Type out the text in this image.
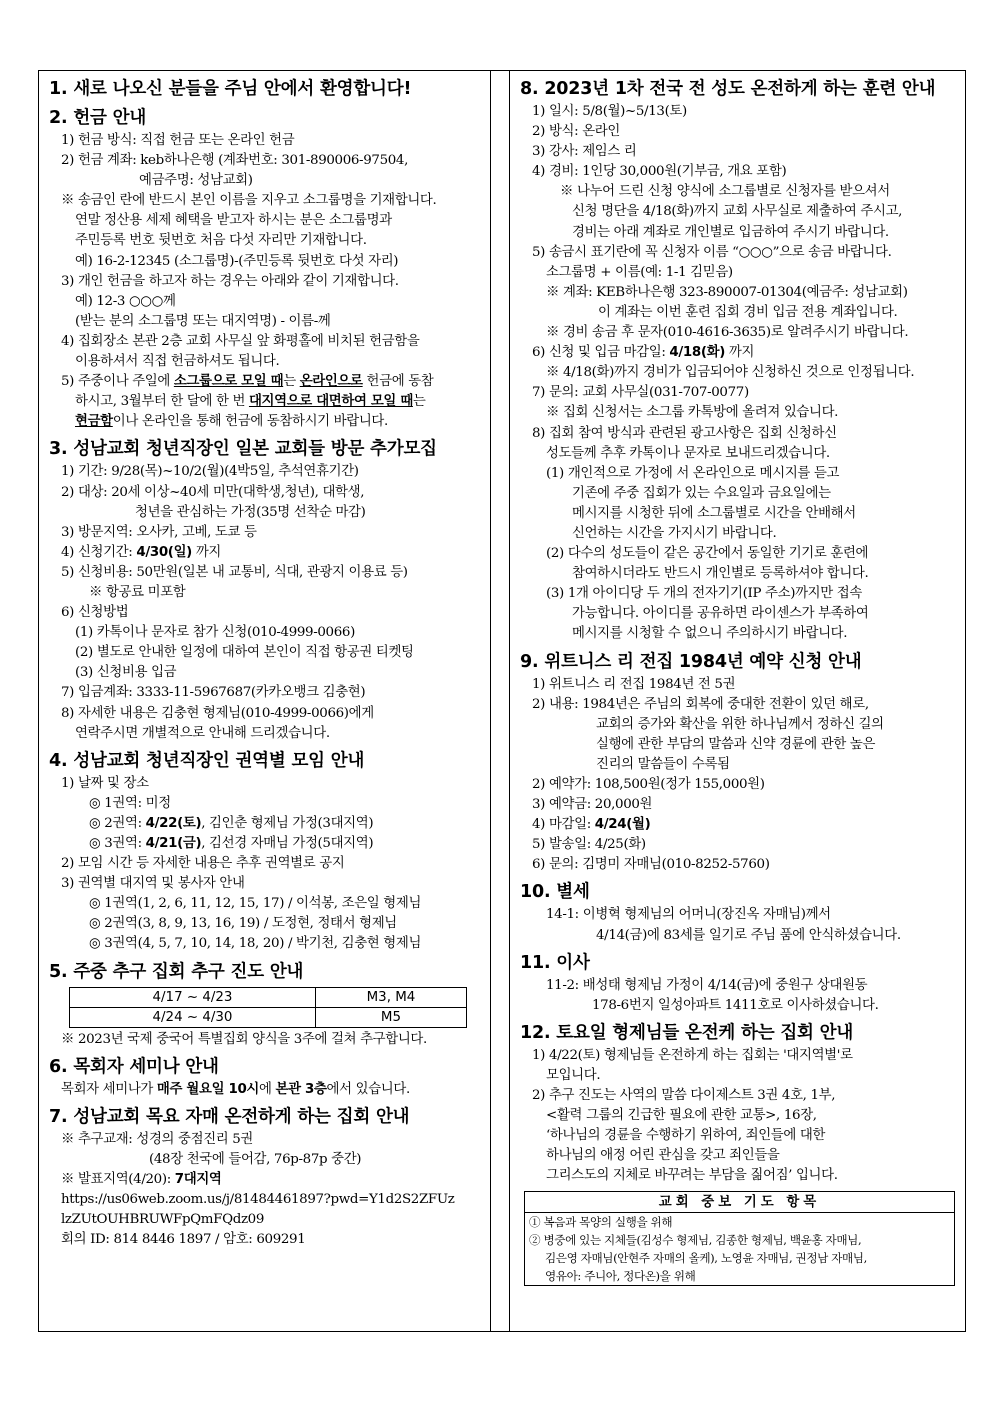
1. 새로 나오신 분들을 주님 안에서 환영합니다!
2. 헌금 안내
1) 헌금 방식: 직접 헌금 또는 온라인 헌금
2) 헌금 계좌: keb하나은행 (계좌번호: 301-890006-97504,
예금주명: 성남교회)
※ 송금인 란에 반드시 본인 이름을 지우고 소그룹명을 기재합니다.
연말 정산용 세제 혜택을 받고자 하시는 분은 소그룹명과
주민등록 번호 뒷번호 처음 다섯 자리만 기재합니다.
예) 16-2-12345 (소그룹명)-(주민등록 뒷번호 다섯 자리)
3) 개인 헌금을 하고자 하는 경우는 아래와 같이 기재합니다.
예) 12-3 ○○○께
(받는 분의 소그룹명 또는 대지역명) - 이름-께
4) 집회장소 본관 2층 교회 사무실 앞 화평홀에 비치된 헌금함을
이용하셔서 직접 헌금하셔도 됩니다.
5) 주중이나 주일에 소그룹으로 모일 때는 온라인으로 헌금에 동참
하시고, 3월부터 한 달에 한 번 대지역으로 대면하여 모일 때는
현금함이나 온라인을 통해 헌금에 동참하시기 바랍니다.
3. 성남교회 청년직장인 일본 교회들 방문 추가모집
1) 기간: 9/28(목)~10/2(월)(4박5일, 추석연휴기간)
2) 대상: 20세 이상~40세 미만(대학생,청년), 대학생,
청년을 관심하는 가정(35명 선착순 마감)
3) 방문지역: 오사카, 고베, 도쿄 등
4) 신청기간: 4/30(일) 까지
5) 신청비용: 50만원(일본 내 교통비, 식대, 관광지 이용료 등)
※ 항공료 미포함
6) 신청방법
(1) 카톡이나 문자로 참가 신청(010-4999-0066)
(2) 별도로 안내한 일정에 대하여 본인이 직접 항공권 티켓팅
(3) 신청비용 입금
7) 입금계좌: 3333-11-5967687(카카오뱅크 김충현)
8) 자세한 내용은 김충현 형제님(010-4999-0066)에게
연락주시면 개별적으로 안내해 드리겠습니다.
4. 성남교회 청년직장인 권역별 모임 안내
1) 날짜 및 장소
◎ 1권역: 미정
◎ 2권역: 4/22(토), 김인춘 형제님 가정(3대지역)
◎ 3권역: 4/21(금), 김선경 자매님 가정(5대지역)
2) 모임 시간 등 자세한 내용은 추후 권역별로 공지
3) 권역별 대지역 및 봉사자 안내
◎ 1권역(1, 2, 6, 11, 12, 15, 17) / 이석봉, 조은일 형제님
◎ 2권역(3, 8, 9, 13, 16, 19) / 도정현, 정태서 형제님
◎ 3권역(4, 5, 7, 10, 14, 18, 20) / 박기천, 김충현 형제님
5. 주중 추구 집회 추구 진도 안내
4/17 ~ 4/23	M3, M4
4/24 ~ 4/30	M5
※ 2023년 국제 중국어 특별집회 양식을 3주에 걸쳐 추구합니다.
6. 목회자 세미나 안내
목회자 세미나가 매주 월요일 10시에 본관 3층에서 있습니다.
7. 성남교회 목요 자매 온전하게 하는 집회 안내
※ 추구교재: 성경의 중점진리 5권
(48장 천국에 들어감, 76p-87p 중간)
※ 발표지역(4/20): 7대지역
https://us06web.zoom.us/j/81484461897?pwd=Y1d2S2ZFUz
lzZUtOUHBRUWFpQmFQdz09
회의 ID: 814 8446 1897 / 암호: 609291
8. 2023년 1차 전국 전 성도 온전하게 하는 훈련 안내
1) 일시: 5/8(월)~5/13(토)
2) 방식: 온라인
3) 강사: 제임스 리
4) 경비: 1인당 30,000원(기부금, 개요 포함)
※ 나누어 드린 신청 양식에 소그룹별로 신청자를 받으셔서
신청 명단을 4/18(화)까지 교회 사무실로 제출하여 주시고,
경비는 아래 계좌로 개인별로 입금하여 주시기 바랍니다.
5) 송금시 표기란에 꼭 신청자 이름 “○○○”으로 송금 바랍니다.
소그룹명 + 이름(예: 1-1 김믿음)
※ 계좌: KEB하나은행 323-890007-01304(예금주: 성남교회)
이 계좌는 이번 훈련 집회 경비 입금 전용 계좌입니다.
※ 경비 송금 후 문자(010-4616-3635)로 알려주시기 바랍니다.
6) 신청 및 입금 마감일: 4/18(화) 까지
※ 4/18(화)까지 경비가 입금되어야 신청하신 것으로 인정됩니다.
7) 문의: 교회 사무실(031-707-0077)
※ 집회 신청서는 소그룹 카톡방에 올려져 있습니다.
8) 집회 참여 방식과 관련된 광고사항은 집회 신청하신
성도들께 추후 카톡이나 문자로 보내드리겠습니다.
(1) 개인적으로 가정에 서 온라인으로 메시지를 듣고
기존에 주중 집회가 있는 수요일과 금요일에는
메시지를 시청한 뒤에 소그룹별로 시간을 안배해서
신언하는 시간을 가지시기 바랍니다.
(2) 다수의 성도들이 같은 공간에서 동일한 기기로 훈련에
참여하시더라도 반드시 개인별로 등록하셔야 합니다.
(3) 1개 아이디당 두 개의 전자기기(IP 주소)까지만 접속
가능합니다. 아이디를 공유하면 라이센스가 부족하여
메시지를 시청할 수 없으니 주의하시기 바랍니다.
9. 위트니스 리 전집 1984년 예약 신청 안내
1) 위트니스 리 전집 1984년 전 5권
2) 내용: 1984년은 주님의 회복에 중대한 전환이 있던 해로,
교회의 증가와 확산을 위한 하나님께서 정하신 길의
실행에 관한 부담의 말씀과 신약 경륜에 관한 높은
진리의 말씀들이 수록됨
2) 예약가: 108,500원(정가 155,000원)
3) 예약금: 20,000원
4) 마감일: 4/24(월)
5) 발송일: 4/25(화)
6) 문의: 김명미 자매님(010-8252-5760)
10. 별세
14-1: 이병혁 형제님의 어머니(장진옥 자매님)께서
4/14(금)에 83세를 일기로 주님 품에 안식하셨습니다.
11. 이사
11-2: 배성태 형제님 가정이 4/14(금)에 중원구 상대원동
178-6번지 일성아파트 1411호로 이사하셨습니다.
12. 토요일 형제님들 온전케 하는 집회 안내
1) 4/22(토) 형제님들 온전하게 하는 집회는 '대지역별'로
모입니다.
2) 추구 진도는 사역의 말씀 다이제스트 3권 4호, 1부,
<활력 그룹의 긴급한 필요에 관한 교통>, 16장,
‘하나님의 경륜을 수행하기 위하여, 죄인들에 대한
하나님의 애정 어린 관심을 갖고 죄인들을
그리스도의 지체로 바꾸려는 부담을 짊어짐’ 입니다.
교회 중보 기도 항목
① 복음과 목양의 실행을 위해
② 병중에 있는 지체들(김성수 형제님, 김종한 형제님, 백윤홍 자매님,
김은영 자매님(안현주 자매의 올케), 노영윤 자매님, 권정남 자매님,
영유아: 주니아, 정다온)을 위해
